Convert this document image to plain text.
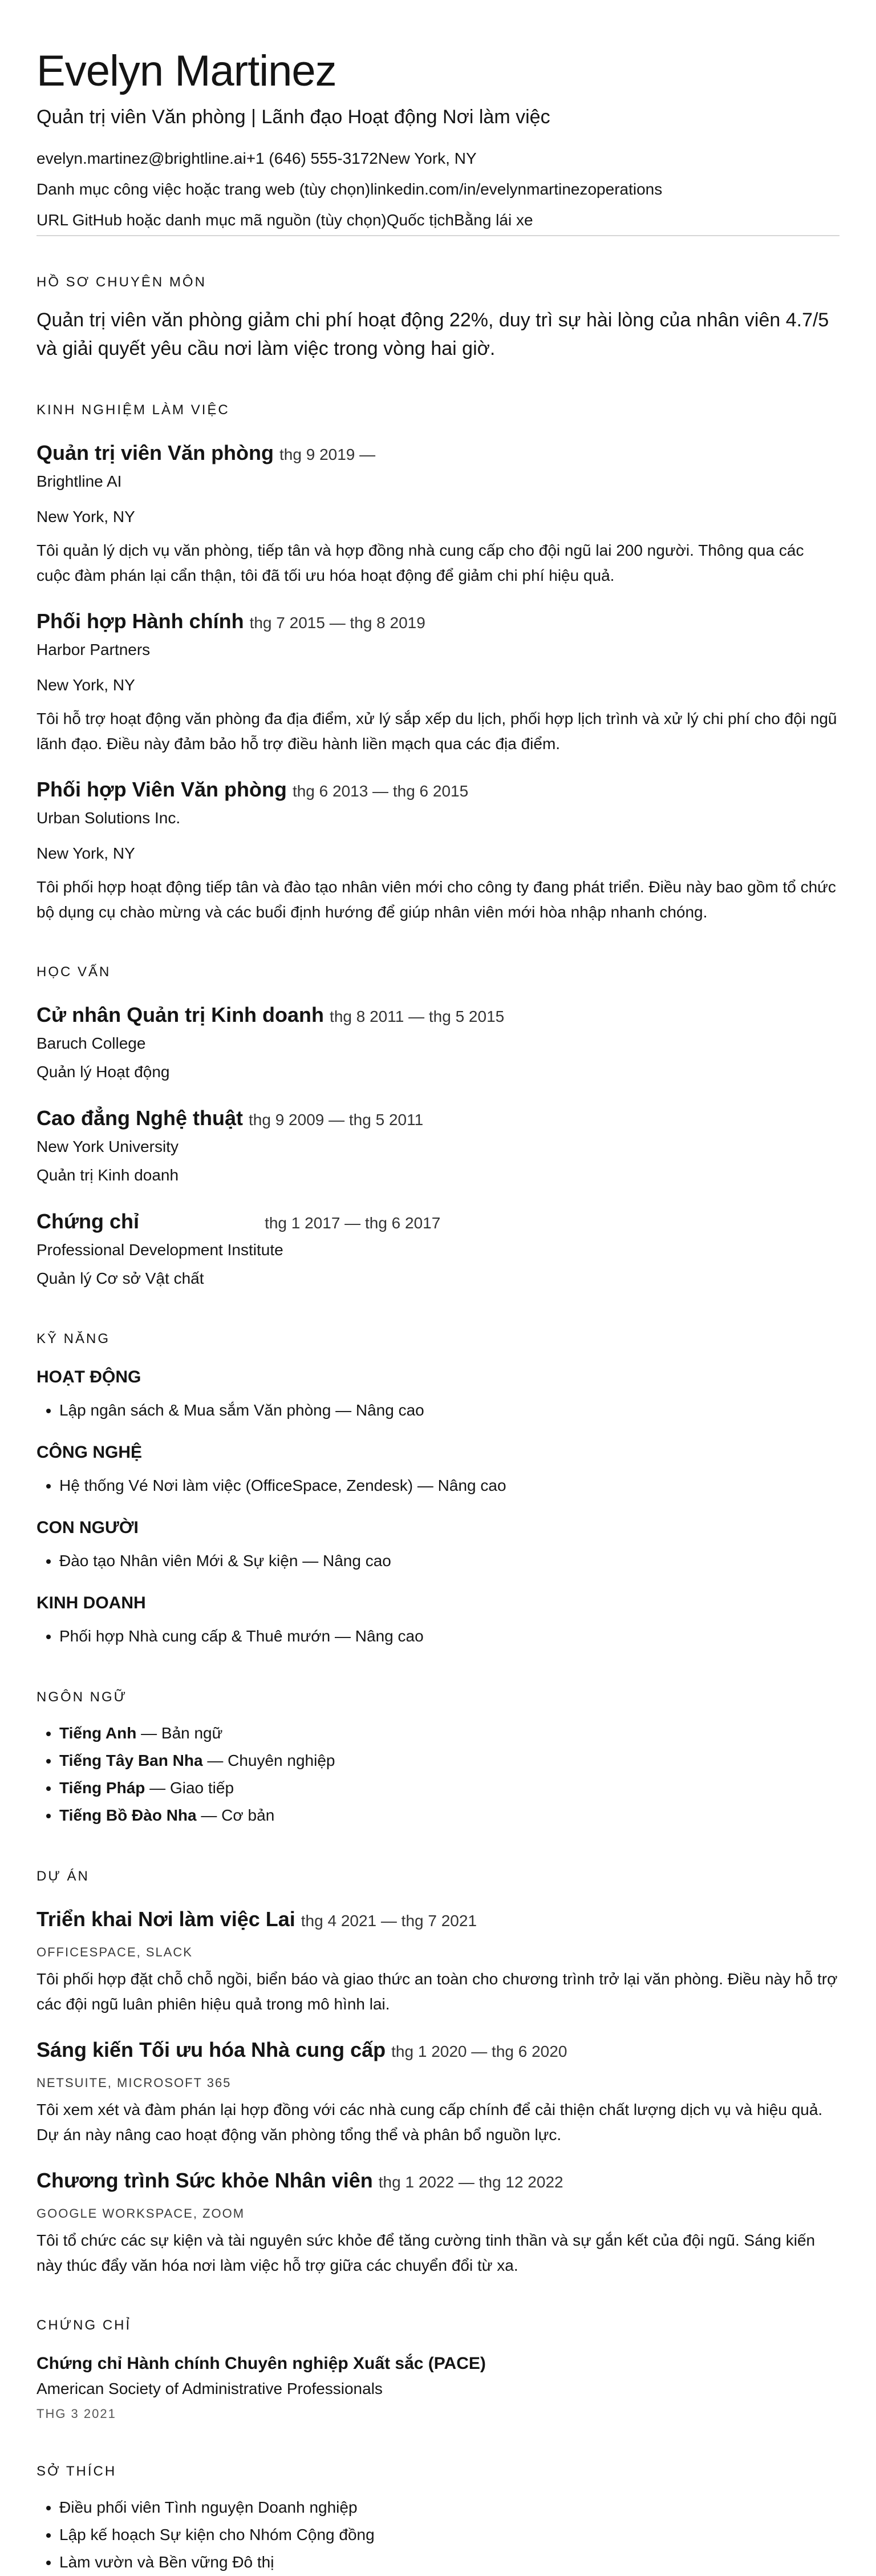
Evelyn Martinez
Quản trị viên Văn phòng | Lãnh đạo Hoạt động Nơi làm việc
evelyn.martinez@brightline.ai+1 (646) 555-3172New York, NY
Danh mục công việc hoặc trang web (tùy chọn)linkedin.com/in/evelynmartinezoperations
URL GitHub hoặc danh mục mã nguồn (tùy chọn)Quốc tịchBằng lái xe
HỒ SƠ CHUYÊN MÔN
Quản trị viên văn phòng giảm chi phí hoạt động 22%, duy trì sự hài lòng của nhân viên 4.7/5 và giải quyết yêu cầu nơi làm việc trong vòng hai giờ.
KINH NGHIỆM LÀM VIỆC
Quản trị viên Văn phòng thg 9 2019 —
Brightline AI
New York, NY
Tôi quản lý dịch vụ văn phòng, tiếp tân và hợp đồng nhà cung cấp cho đội ngũ lai 200 người. Thông qua các cuộc đàm phán lại cẩn thận, tôi đã tối ưu hóa hoạt động để giảm chi phí hiệu quả.
Phối hợp Hành chính thg 7 2015 — thg 8 2019
Harbor Partners
New York, NY
Tôi hỗ trợ hoạt động văn phòng đa địa điểm, xử lý sắp xếp du lịch, phối hợp lịch trình và xử lý chi phí cho đội ngũ lãnh đạo. Điều này đảm bảo hỗ trợ điều hành liền mạch qua các địa điểm.
Phối hợp Viên Văn phòng thg 6 2013 — thg 6 2015
Urban Solutions Inc.
New York, NY
Tôi phối hợp hoạt động tiếp tân và đào tạo nhân viên mới cho công ty đang phát triển. Điều này bao gồm tổ chức bộ dụng cụ chào mừng và các buổi định hướng để giúp nhân viên mới hòa nhập nhanh chóng.
HỌC VẤN
Cử nhân Quản trị Kinh doanh thg 8 2011 — thg 5 2015
Baruch College
Quản lý Hoạt động
Cao đẳng Nghệ thuật thg 9 2009 — thg 5 2011
New York University
Quản trị Kinh doanh
Chứng chỉ	thg 1 2017 — thg 6 2017
Professional Development Institute
Quản lý Cơ sở Vật chất
KỸ NĂNG
HOẠT ĐỘNG
• Lập ngân sách & Mua sắm Văn phòng — Nâng cao
CÔNG NGHỆ
• Hệ thống Vé Nơi làm việc (OfficeSpace, Zendesk) — Nâng cao
CON NGƯỜI
• Đào tạo Nhân viên Mới & Sự kiện — Nâng cao
KINH DOANH
• Phối hợp Nhà cung cấp & Thuê mướn — Nâng cao
NGÔN NGỮ
• Tiếng Anh — Bản ngữ
• Tiếng Tây Ban Nha — Chuyên nghiệp
• Tiếng Pháp — Giao tiếp
• Tiếng Bồ Đào Nha — Cơ bản
DỰ ÁN
Triển khai Nơi làm việc Lai thg 4 2021 — thg 7 2021
OFFICESPACE, SLACK
Tôi phối hợp đặt chỗ chỗ ngồi, biển báo và giao thức an toàn cho chương trình trở lại văn phòng. Điều này hỗ trợ các đội ngũ luân phiên hiệu quả trong mô hình lai.
Sáng kiến Tối ưu hóa Nhà cung cấp thg 1 2020 — thg 6 2020
NETSUITE, MICROSOFT 365
Tôi xem xét và đàm phán lại hợp đồng với các nhà cung cấp chính để cải thiện chất lượng dịch vụ và hiệu quả. Dự án này nâng cao hoạt động văn phòng tổng thể và phân bổ nguồn lực.
Chương trình Sức khỏe Nhân viên thg 1 2022 — thg 12 2022
GOOGLE WORKSPACE, ZOOM
Tôi tổ chức các sự kiện và tài nguyên sức khỏe để tăng cường tinh thần và sự gắn kết của đội ngũ. Sáng kiến này thúc đẩy văn hóa nơi làm việc hỗ trợ giữa các chuyển đổi từ xa.
CHỨNG CHỈ
Chứng chỉ Hành chính Chuyên nghiệp Xuất sắc (PACE)
American Society of Administrative Professionals
THG 3 2021
SỞ THÍCH
• Điều phối viên Tình nguyện Doanh nghiệp
• Lập kế hoạch Sự kiện cho Nhóm Cộng đồng
• Làm vườn và Bền vững Đô thị
